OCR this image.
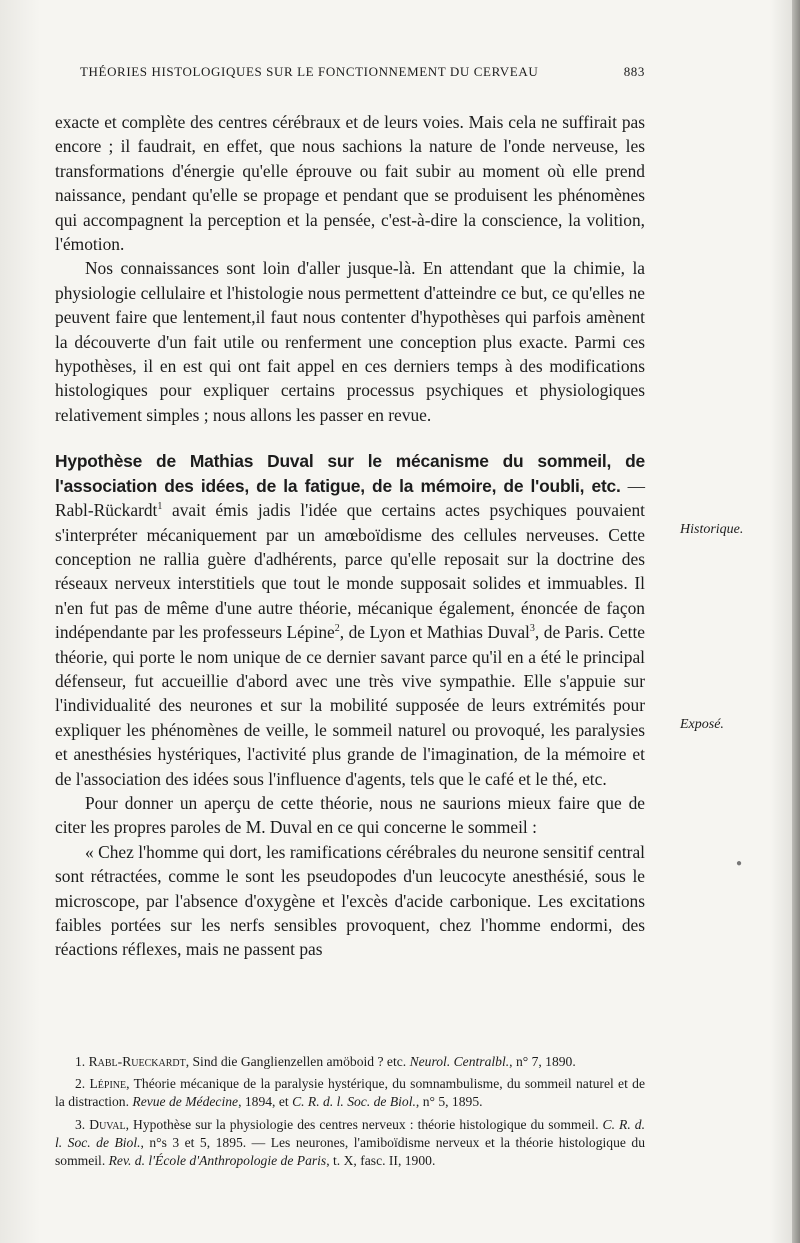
THÉORIES HISTOLOGIQUES SUR LE FONCTIONNEMENT DU CERVEAU	883

exacte et complète des centres cérébraux et de leurs voies. Mais cela ne suffirait pas encore ; il faudrait, en effet, que nous sachions la nature de l'onde nerveuse, les transformations d'énergie qu'elle éprouve ou fait subir au moment où elle prend naissance, pendant qu'elle se propage et pendant que se produisent les phénomènes qui accompagnent la perception et la pensée, c'est-à-dire la conscience, la volition, l'émotion.

Nos connaissances sont loin d'aller jusque-là. En attendant que la chimie, la physiologie cellulaire et l'histologie nous permettent d'atteindre ce but, ce qu'elles ne peuvent faire que lentement,il faut nous contenter d'hypothèses qui parfois amènent la découverte d'un fait utile ou renferment une conception plus exacte. Parmi ces hypothèses, il en est qui ont fait appel en ces derniers temps à des modifications histologiques pour expliquer certains processus psychiques et physiologiques relativement simples ; nous allons les passer en revue.

Hypothèse de Mathias Duval sur le mécanisme du sommeil, de l'association des idées, de la fatigue, de la mémoire, de l'oubli, etc. — Rabl-Rückardt$^1$ avait émis jadis l'idée que certains actes psychiques pouvaient s'interpréter mécaniquement par un amœboïdisme des cellules nerveuses. Cette conception ne rallia guère d'adhérents, parce qu'elle reposait sur la doctrine des réseaux nerveux interstitiels que tout le monde supposait solides et immuables. Il n'en fut pas de même d'une autre théorie, mécanique également, énoncée de façon indépendante par les professeurs Lépine$^2$, de Lyon et Mathias Duval$^3$, de Paris. Cette théorie, qui porte le nom unique de ce dernier savant parce qu'il en a été le principal défenseur, fut accueillie d'abord avec une très vive sympathie. Elle s'appuie sur l'individualité des neurones et sur la mobilité supposée de leurs extrémités pour expliquer les phénomènes de veille, le sommeil naturel ou provoqué, les paralysies et anesthésies hystériques, l'activité plus grande de l'imagination, de la mémoire et de l'association des idées sous l'influence d'agents, tels que le café et le thé, etc.

Pour donner un aperçu de cette théorie, nous ne saurions mieux faire que de citer les propres paroles de M. Duval en ce qui concerne le sommeil :

« Chez l'homme qui dort, les ramifications cérébrales du neurone sensitif central sont rétractées, comme le sont les pseudopodes d'un leucocyte anesthésié, sous le microscope, par l'absence d'oxygène et l'excès d'acide carbonique. Les excitations faibles portées sur les nerfs sensibles provoquent, chez l'homme endormi, des réactions réflexes, mais ne passent pas

Historique.
Exposé.
●

1. Rabl-Rueckardt, Sind die Ganglienzellen amöboid ? etc. Neurol. Centralbl., n° 7, 1890.

2. Lépine, Théorie mécanique de la paralysie hystérique, du somnambulisme, du sommeil naturel et de la distraction. Revue de Médecine, 1894, et C. R. d. l. Soc. de Biol., n° 5, 1895.

3. Duval, Hypothèse sur la physiologie des centres nerveux : théorie histologique du sommeil. C. R. d. l. Soc. de Biol., n°s 3 et 5, 1895. — Les neurones, l'amiboïdisme nerveux et la théorie histologique du sommeil. Rev. d. l'École d'Anthropologie de Paris, t. X, fasc. II, 1900.
